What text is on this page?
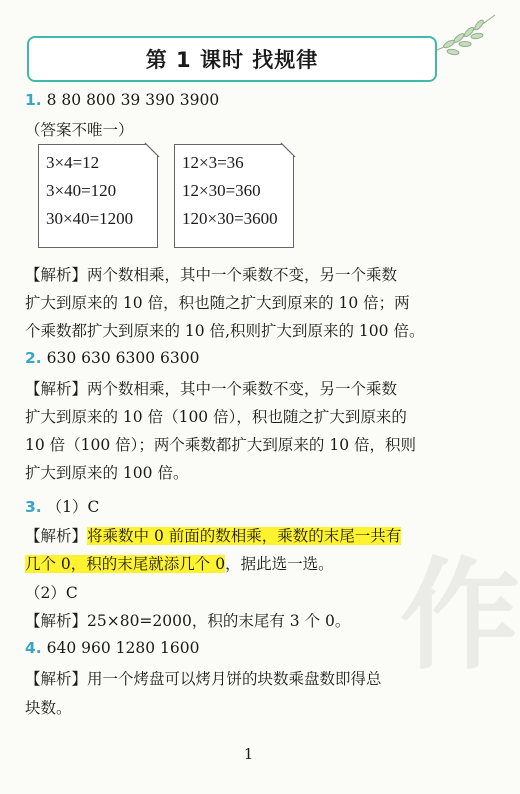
第 1 课时 找规律
1. 8 80 800 39 390 3900
（答案不唯一）
3×4=12
3×40=120
30×40=1200
12×3=36
12×30=360
120×30=3600
【解析】两个数相乘，其中一个乘数不变，另一个乘数
扩大到原来的 10 倍，积也随之扩大到原来的 10 倍；两
个乘数都扩大到原来的 10 倍,积则扩大到原来的 100 倍。
2. 630 630 6300 6300
【解析】两个数相乘，其中一个乘数不变，另一个乘数
扩大到原来的 10 倍（100 倍），积也随之扩大到原来的
10 倍（100 倍）；两个乘数都扩大到原来的 10 倍，积则
扩大到原来的 100 倍。
3. （1）C
【解析】将乘数中 0 前面的数相乘，乘数的末尾一共有
几个 0，积的末尾就添几个 0，据此选一选。
（2）C
【解析】25×80=2000，积的末尾有 3 个 0。
4. 640 960 1280 1600
【解析】用一个烤盘可以烤月饼的块数乘盘数即得总
块数。
作
1
